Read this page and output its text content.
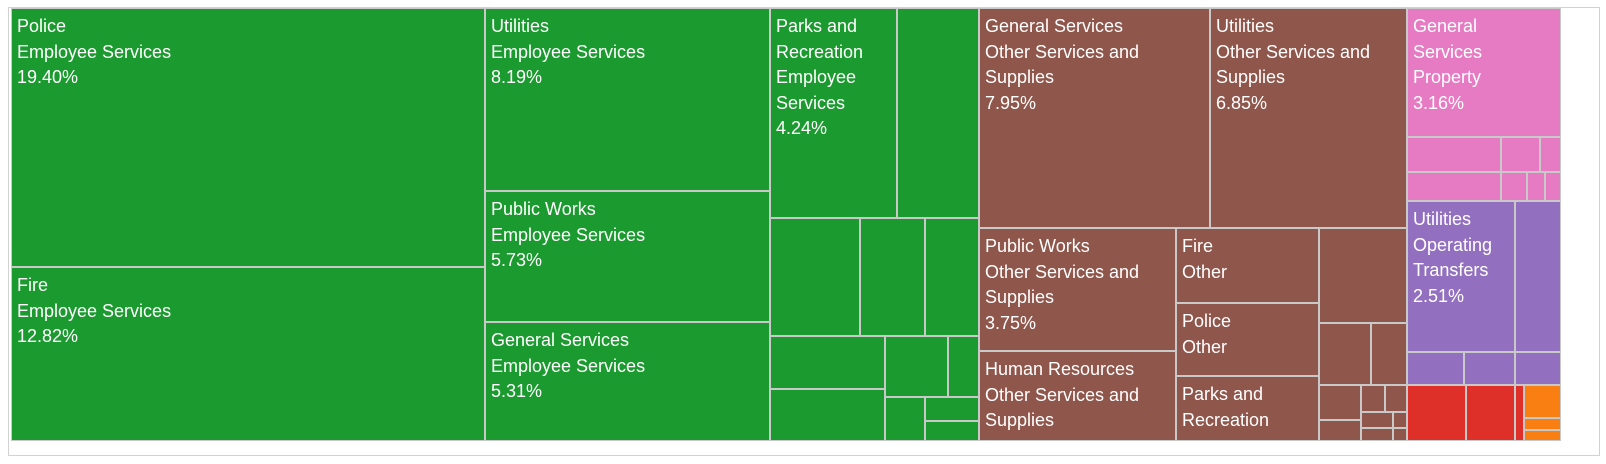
Police
Employee Services
19.40%
Fire
Employee Services
12.82%
Utilities
Employee Services
8.19%
Public Works
Employee Services
5.73%
General Services
Employee Services
5.31%
Parks and
Recreation
Employee
Services
4.24%
General Services
Other Services and Supplies
7.95%
Utilities
Other Services and
Supplies
6.85%
Public Works
Other Services and
Supplies
3.75%
Human Resources
Other Services and
Supplies
Fire
Other
Police
Other
Parks and
Recreation
General
Services
Property
3.16%
Utilities
Operating
Transfers
2.51%
